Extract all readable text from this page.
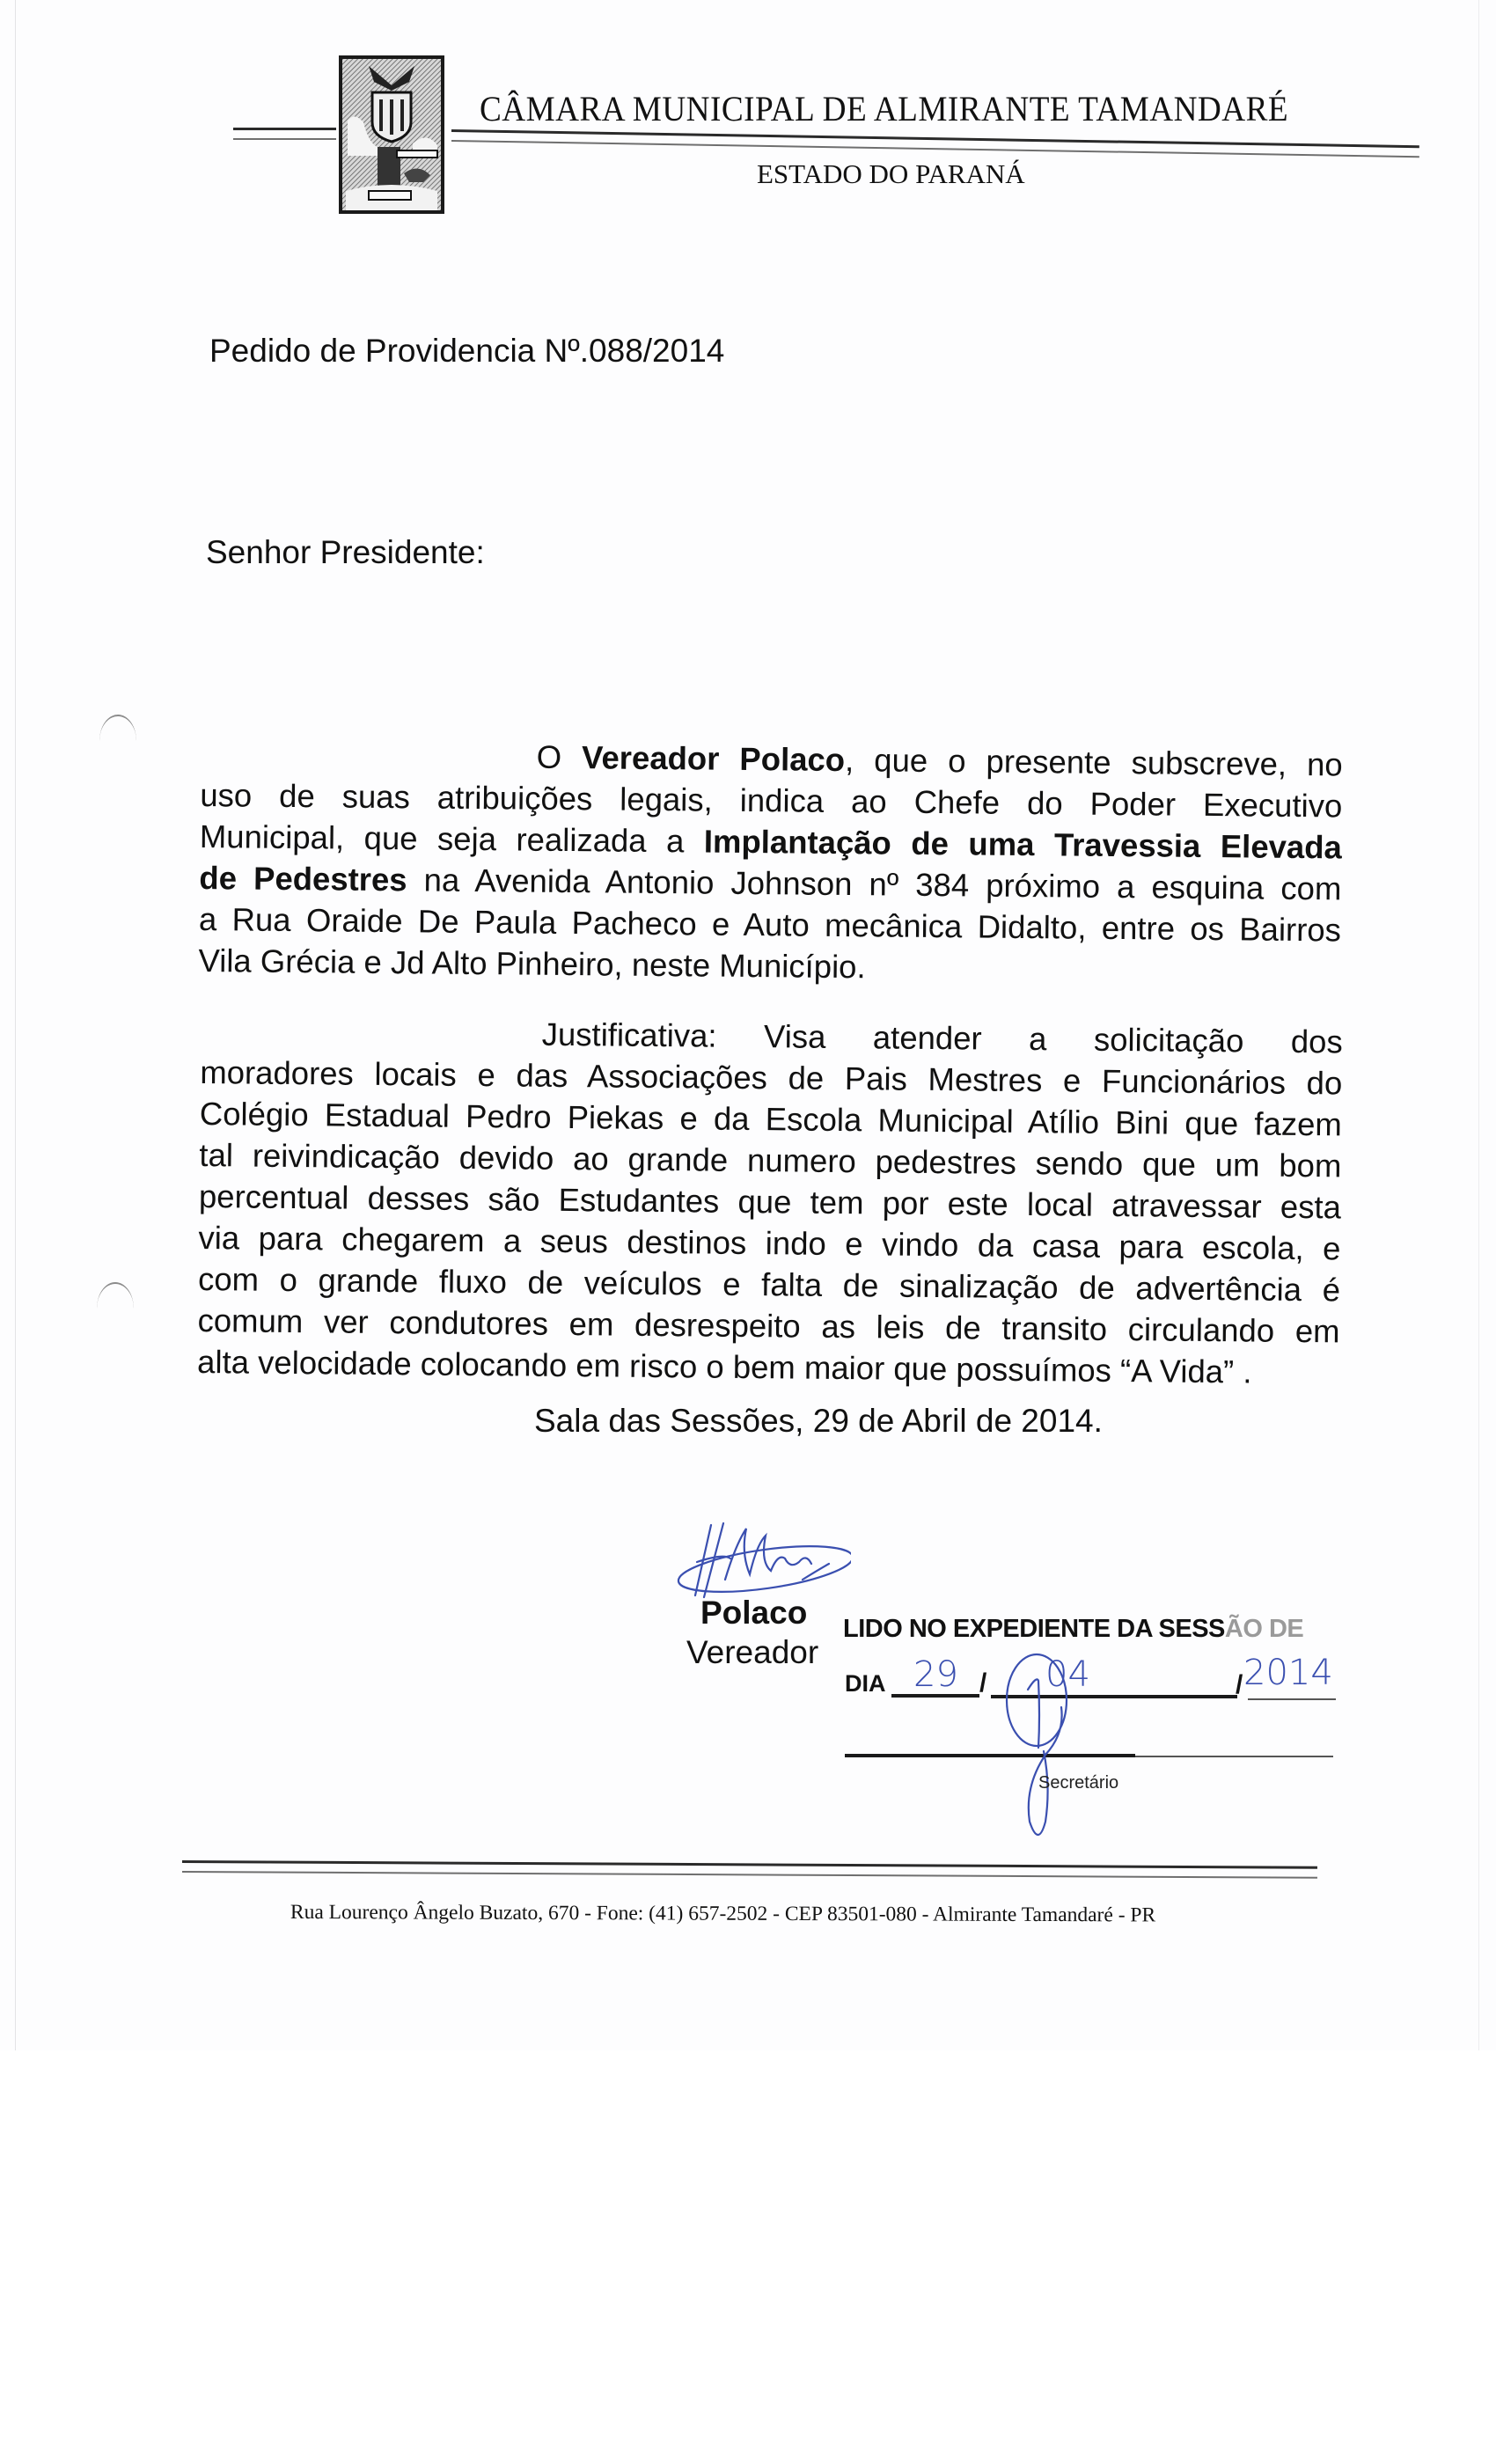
CÂMARA MUNICIPAL DE ALMIRANTE TAMANDARÉ
ESTADO DO PARANÁ
Pedido de Providencia Nº.088/2014
Senhor Presidente:
O Vereador Polaco, que o presente subscreve, no
uso de suas atribuições legais, indica ao Chefe do Poder Executivo
Municipal, que seja realizada a Implantação de uma Travessia Elevada
de Pedestres na Avenida Antonio Johnson nº 384 próximo a esquina com
a Rua Oraide De Paula Pacheco e Auto mecânica Didalto, entre os Bairros
Vila Grécia e Jd Alto Pinheiro, neste Município.
Justificativa: Visa atender a solicitação dos
moradores locais e das Associações de Pais Mestres e Funcionários do
Colégio Estadual Pedro Piekas e da Escola Municipal Atílio Bini que fazem
tal reivindicação devido ao grande numero pedestres sendo que um bom
percentual desses são Estudantes que tem por este local atravessar esta
via para chegarem a seus destinos indo e vindo da casa para escola, e
com o grande fluxo de veículos e falta de sinalização de advertência é
comum ver condutores em desrespeito as leis de transito circulando em
alta velocidade colocando em risco o bem maior que possuímos “A Vida” .
Sala das Sessões, 29 de Abril de 2014.
Polaco
Vereador
LIDO NO EXPEDIENTE DA SESSÃO DE
DIA	/	/
29 04	2014
Secretário
Rua Lourenço Ângelo Buzato, 670 - Fone: (41) 657-2502 - CEP 83501-080 - Almirante Tamandaré - PR
